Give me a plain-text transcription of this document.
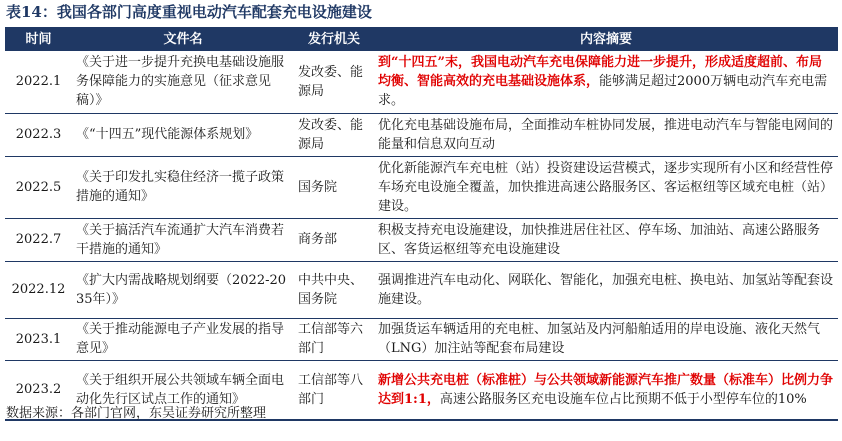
表14：我国各部门高度重视电动汽车配套充电设施建设
时间	文件名	发行机关	内容摘要
2022.1	《关于进一步提升充换电基础设施服务保障能力的实施意见（征求意见稿）》	发改委、能源局	到“十四五”末，我国电动汽车充电保障能力进一步提升，形成适度超前、布局均衡、智能高效的充电基础设施体系，能够满足超过2000万辆电动汽车充电需求。
2022.3	《“十四五”现代能源体系规划》	发改委、能源局	优化充电基础设施布局，全面推动车桩协同发展，推进电动汽车与智能电网间的能量和信息双向互动
2022.5	《关于印发扎实稳住经济一揽子政策措施的通知》	国务院	优化新能源汽车充电桩（站）投资建设运营模式，逐步实现所有小区和经营性停车场充电设施全覆盖，加快推进高速公路服务区、客运枢纽等区域充电桩（站）建设。
2022.7	《关于搞活汽车流通扩大汽车消费若干措施的通知》	商务部	积极支持充电设施建设，加快推进居住社区、停车场、加油站、高速公路服务区、客货运枢纽等充电设施建设
2022.12	《扩大内需战略规划纲要（2022-2035年）》	中共中央、国务院	强调推进汽车电动化、网联化、智能化，加强充电桩、换电站、加氢站等配套设施建设。
2023.1	《关于推动能源电子产业发展的指导意见》	工信部等六部门	加强货运车辆适用的充电桩、加氢站及内河船舶适用的岸电设施、液化天然气（LNG）加注站等配套布局建设
2023.2	《关于组织开展公共领域车辆全面电动化先行区试点工作的通知》	工信部等八部门	新增公共充电桩（标准桩）与公共领域新能源汽车推广数量（标准车）比例力争达到1:1，高速公路服务区充电设施车位占比预期不低于小型停车位的10%
数据来源：各部门官网，东吴证券研究所整理
